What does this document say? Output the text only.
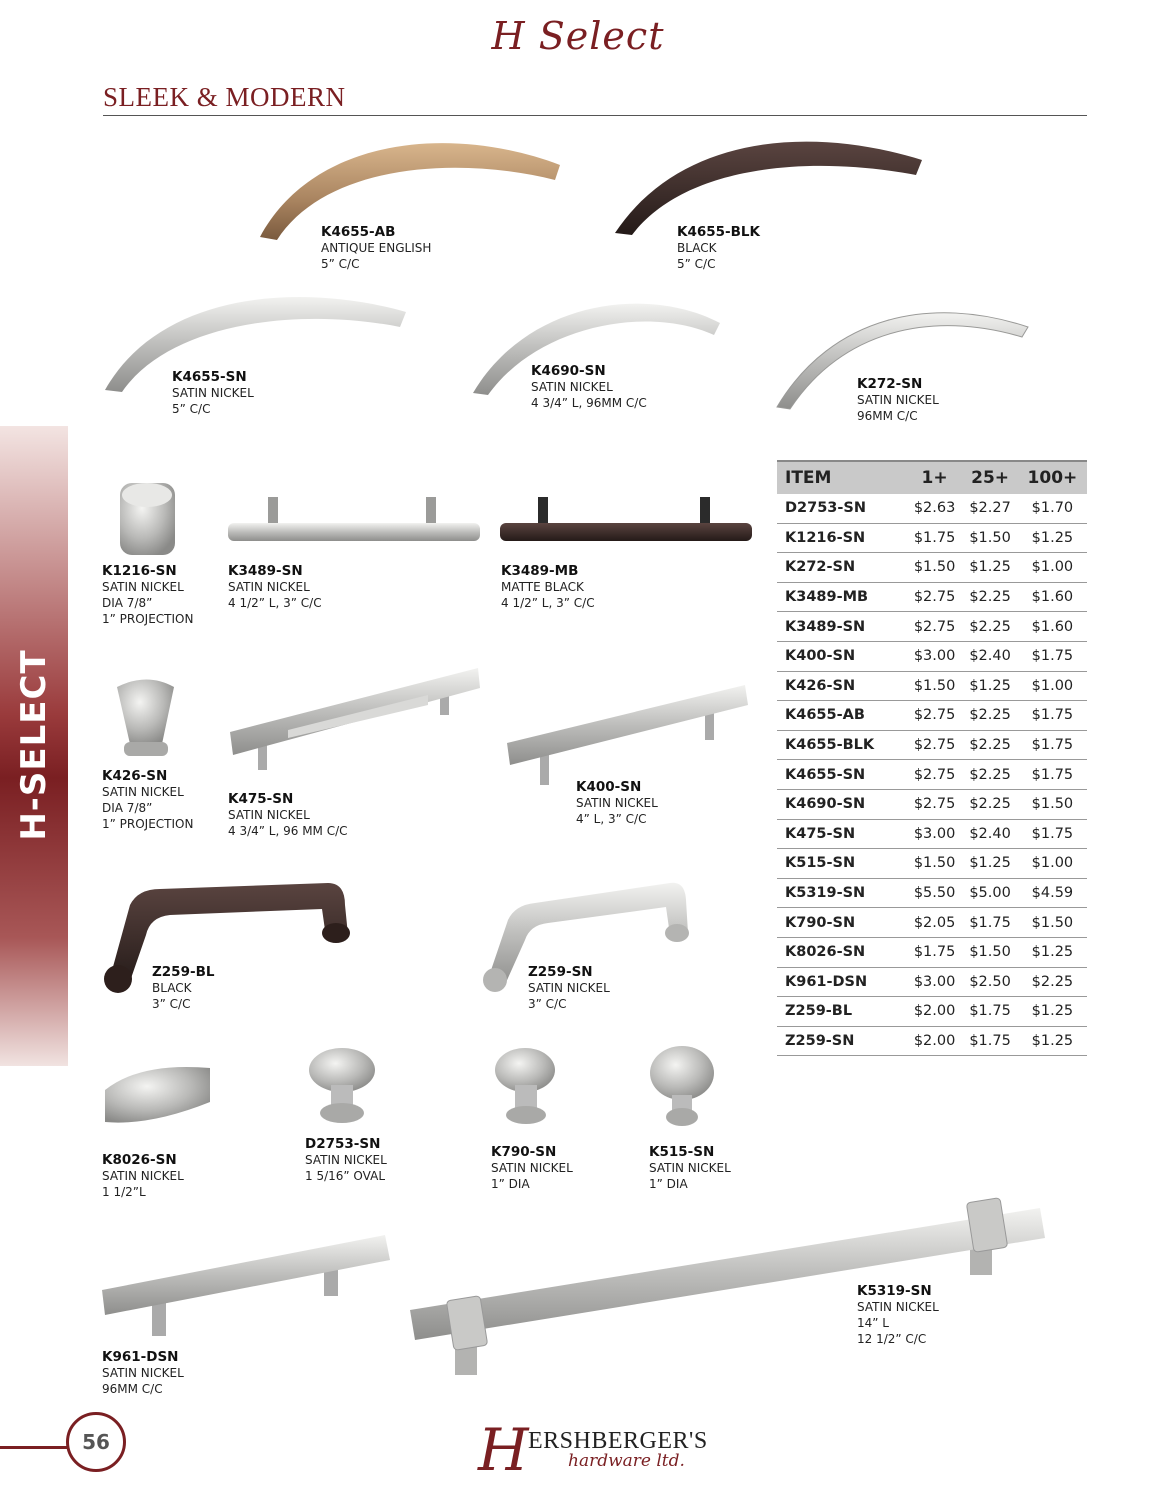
H Select
SLEEK & MODERN
H-SELECT
K4655-AB
ANTIQUE ENGLISH
5” C/C
K4655-BLK
BLACK
5” C/C
K4655-SN
SATIN NICKEL
5” C/C
K4690-SN
SATIN NICKEL
4 3/4” L, 96MM C/C
K272-SN
SATIN NICKEL
96MM C/C
K1216-SN
SATIN NICKEL
DIA 7/8”
1” PROJECTION
K3489-SN
SATIN NICKEL
4 1/2” L, 3” C/C
K3489-MB
MATTE BLACK
4 1/2” L, 3” C/C
K426-SN
SATIN NICKEL
DIA 7/8”
1” PROJECTION
K475-SN
SATIN NICKEL
4 3/4” L, 96 MM C/C
K400-SN
SATIN NICKEL
4” L, 3” C/C
Z259-BL
BLACK
3” C/C
Z259-SN
SATIN NICKEL
3” C/C
K8026-SN
SATIN NICKEL
1 1/2”L
D2753-SN
SATIN NICKEL
1 5/16” OVAL
K790-SN
SATIN NICKEL
1” DIA
K515-SN
SATIN NICKEL
1” DIA
K961-DSN
SATIN NICKEL
96MM C/C
K5319-SN
SATIN NICKEL
14” L
12 1/2” C/C
ITEM	1+	25+	100+
D2753-SN	$2.63	$2.27	$1.70
K1216-SN	$1.75	$1.50	$1.25
K272-SN	$1.50	$1.25	$1.00
K3489-MB	$2.75	$2.25	$1.60
K3489-SN	$2.75	$2.25	$1.60
K400-SN	$3.00	$2.40	$1.75
K426-SN	$1.50	$1.25	$1.00
K4655-AB	$2.75	$2.25	$1.75
K4655-BLK	$2.75	$2.25	$1.75
K4655-SN	$2.75	$2.25	$1.75
K4690-SN	$2.75	$2.25	$1.50
K475-SN	$3.00	$2.40	$1.75
K515-SN	$1.50	$1.25	$1.00
K5319-SN	$5.50	$5.00	$4.59
K790-SN	$2.05	$1.75	$1.50
K8026-SN	$1.75	$1.50	$1.25
K961-DSN	$3.00	$2.50	$2.25
Z259-BL	$2.00	$1.75	$1.25
Z259-SN	$2.00	$1.75	$1.25
56	H ERSHBERGER'S
hardware ltd.
